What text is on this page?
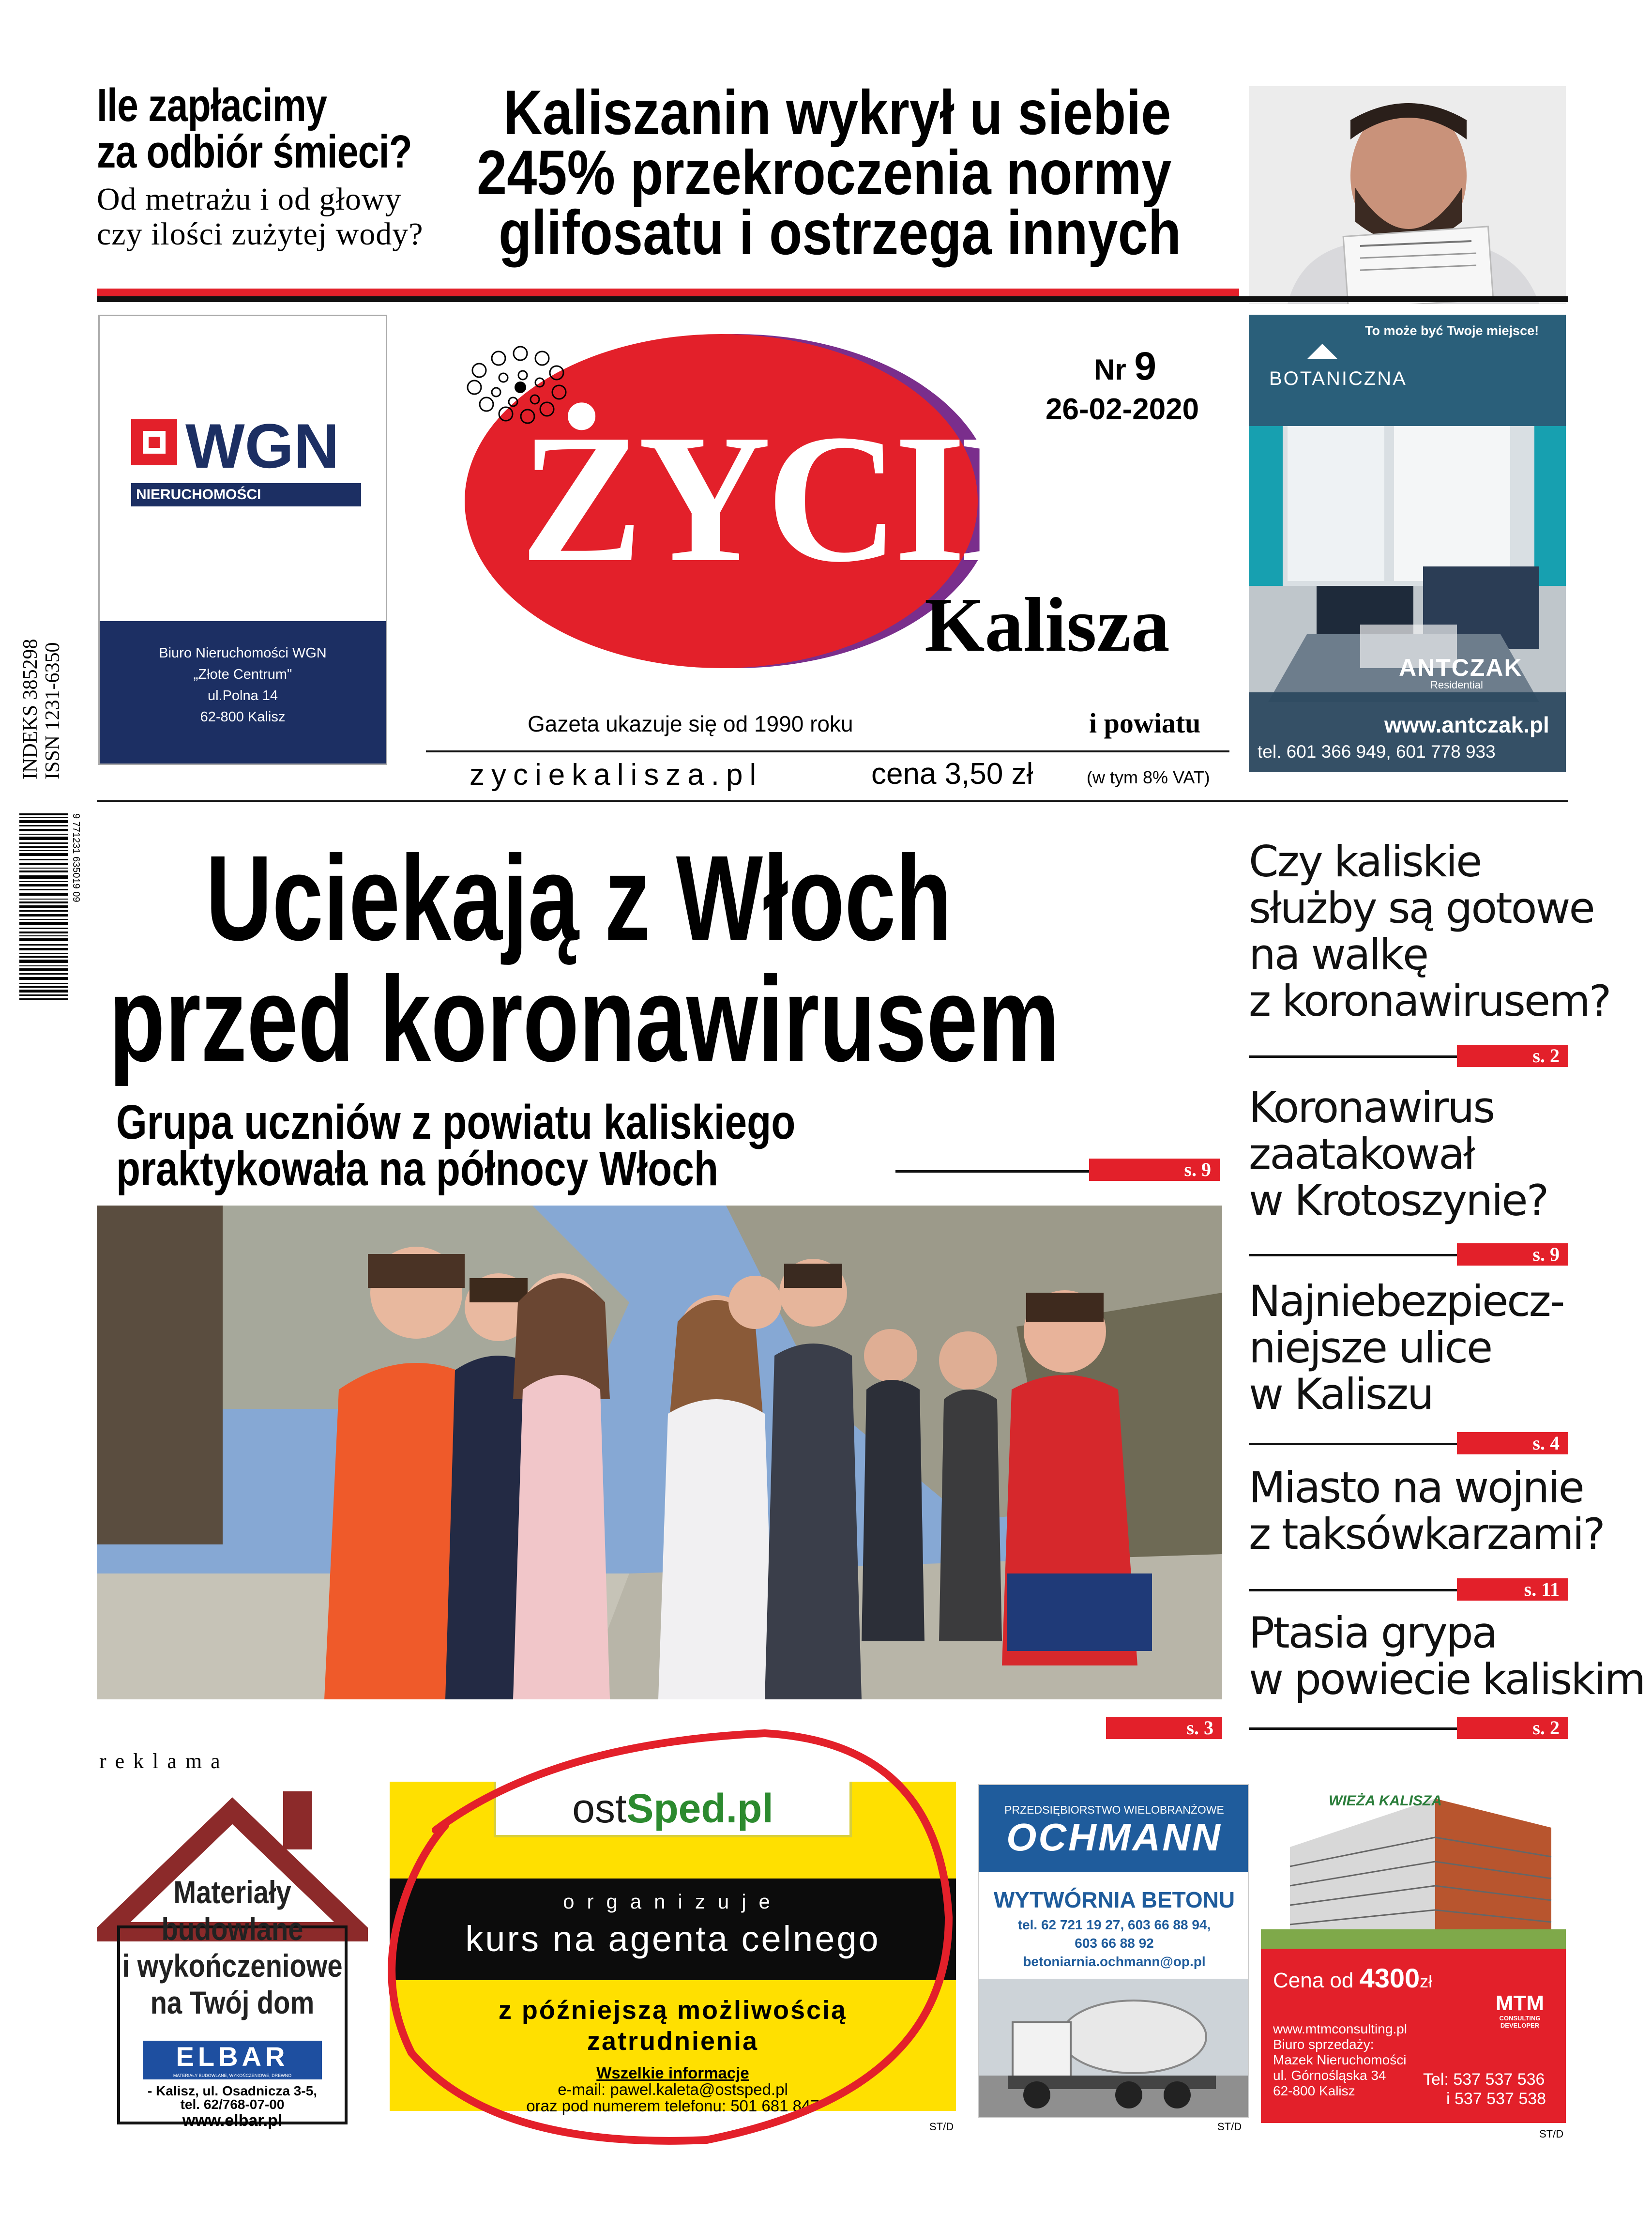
Ile zapłacimy
za odbiór śmieci?
Od metrażu i od głowy
czy ilości zużytej wody?
Kaliszanin wykrył u siebie
245% przekroczenia normy
glifosatu i ostrzega innych
WGN
NIERUCHOMOŚCI
Biuro Nieruchomości WGN
„Złote Centrum"
ul.Polna 14
62-800 Kalisz
INDEKS 385298 ISSN 1231-6350
9 771231 635019 09
ŻYCIE
Kalisza
Nr 9
26-02-2020
Gazeta ukazuje się od 1990 roku	i powiatu
zyciekalisza.pl	cena 3,50 zł	(w tym 8% VAT)
To może być Twoje miejsce!
BOTANICZNA
ANTCZAK
Residential
www.antczak.pl
tel. 601 366 949, 601 778 933
Uciekają z Włoch
przed koronawirusem
Grupa uczniów z powiatu kaliskiego
praktykowała na północy Włoch	s. 9
s. 3
Czy kaliskie
służby są gotowe
na walkę
z koronawirusem?
s. 2
Koronawirus
zaatakował
w Krotoszynie?
s. 9
Najniebezpiecz-
niejsze ulice
w Kaliszu
s. 4
Miasto na wojnie
z taksówkarzami?
s. 11
Ptasia grypa
w powiecie kaliskim
s. 2
reklama
Materiały
budowlane
i wykończeniowe
na Twój dom
ELBAR
MATERIAŁY BUDOWLANE, WYKOŃCZENIOWE, DREWNO
- Kalisz, ul. Osadnicza 3-5,
tel. 62/768-07-00
www.elbar.pl
ostSped.pl
organizuje
kurs na agenta celnego
z późniejszą możliwością
zatrudnienia
Wszelkie informacje
e-mail: pawel.kaleta@ostsped.pl
oraz pod numerem telefonu: 501 681 847
ST/D
PRZEDSIĘBIORSTWO WIELOBRANŻOWE
OCHMANN
WYTWÓRNIA BETONU
tel. 62 721 19 27, 603 66 88 94,
603 66 88 92
betoniarnia.ochmann@op.pl
ST/D
WIEŻA KALISZA
Cena od 4300zł
MTM
CONSULTING DEVELOPER
www.mtmconsulting.pl
Biuro sprzedaży:
Mazek Nieruchomości
ul. Górnośląska 34
62-800 Kalisz
Tel: 537 537 536
i 537 537 538
ST/D
